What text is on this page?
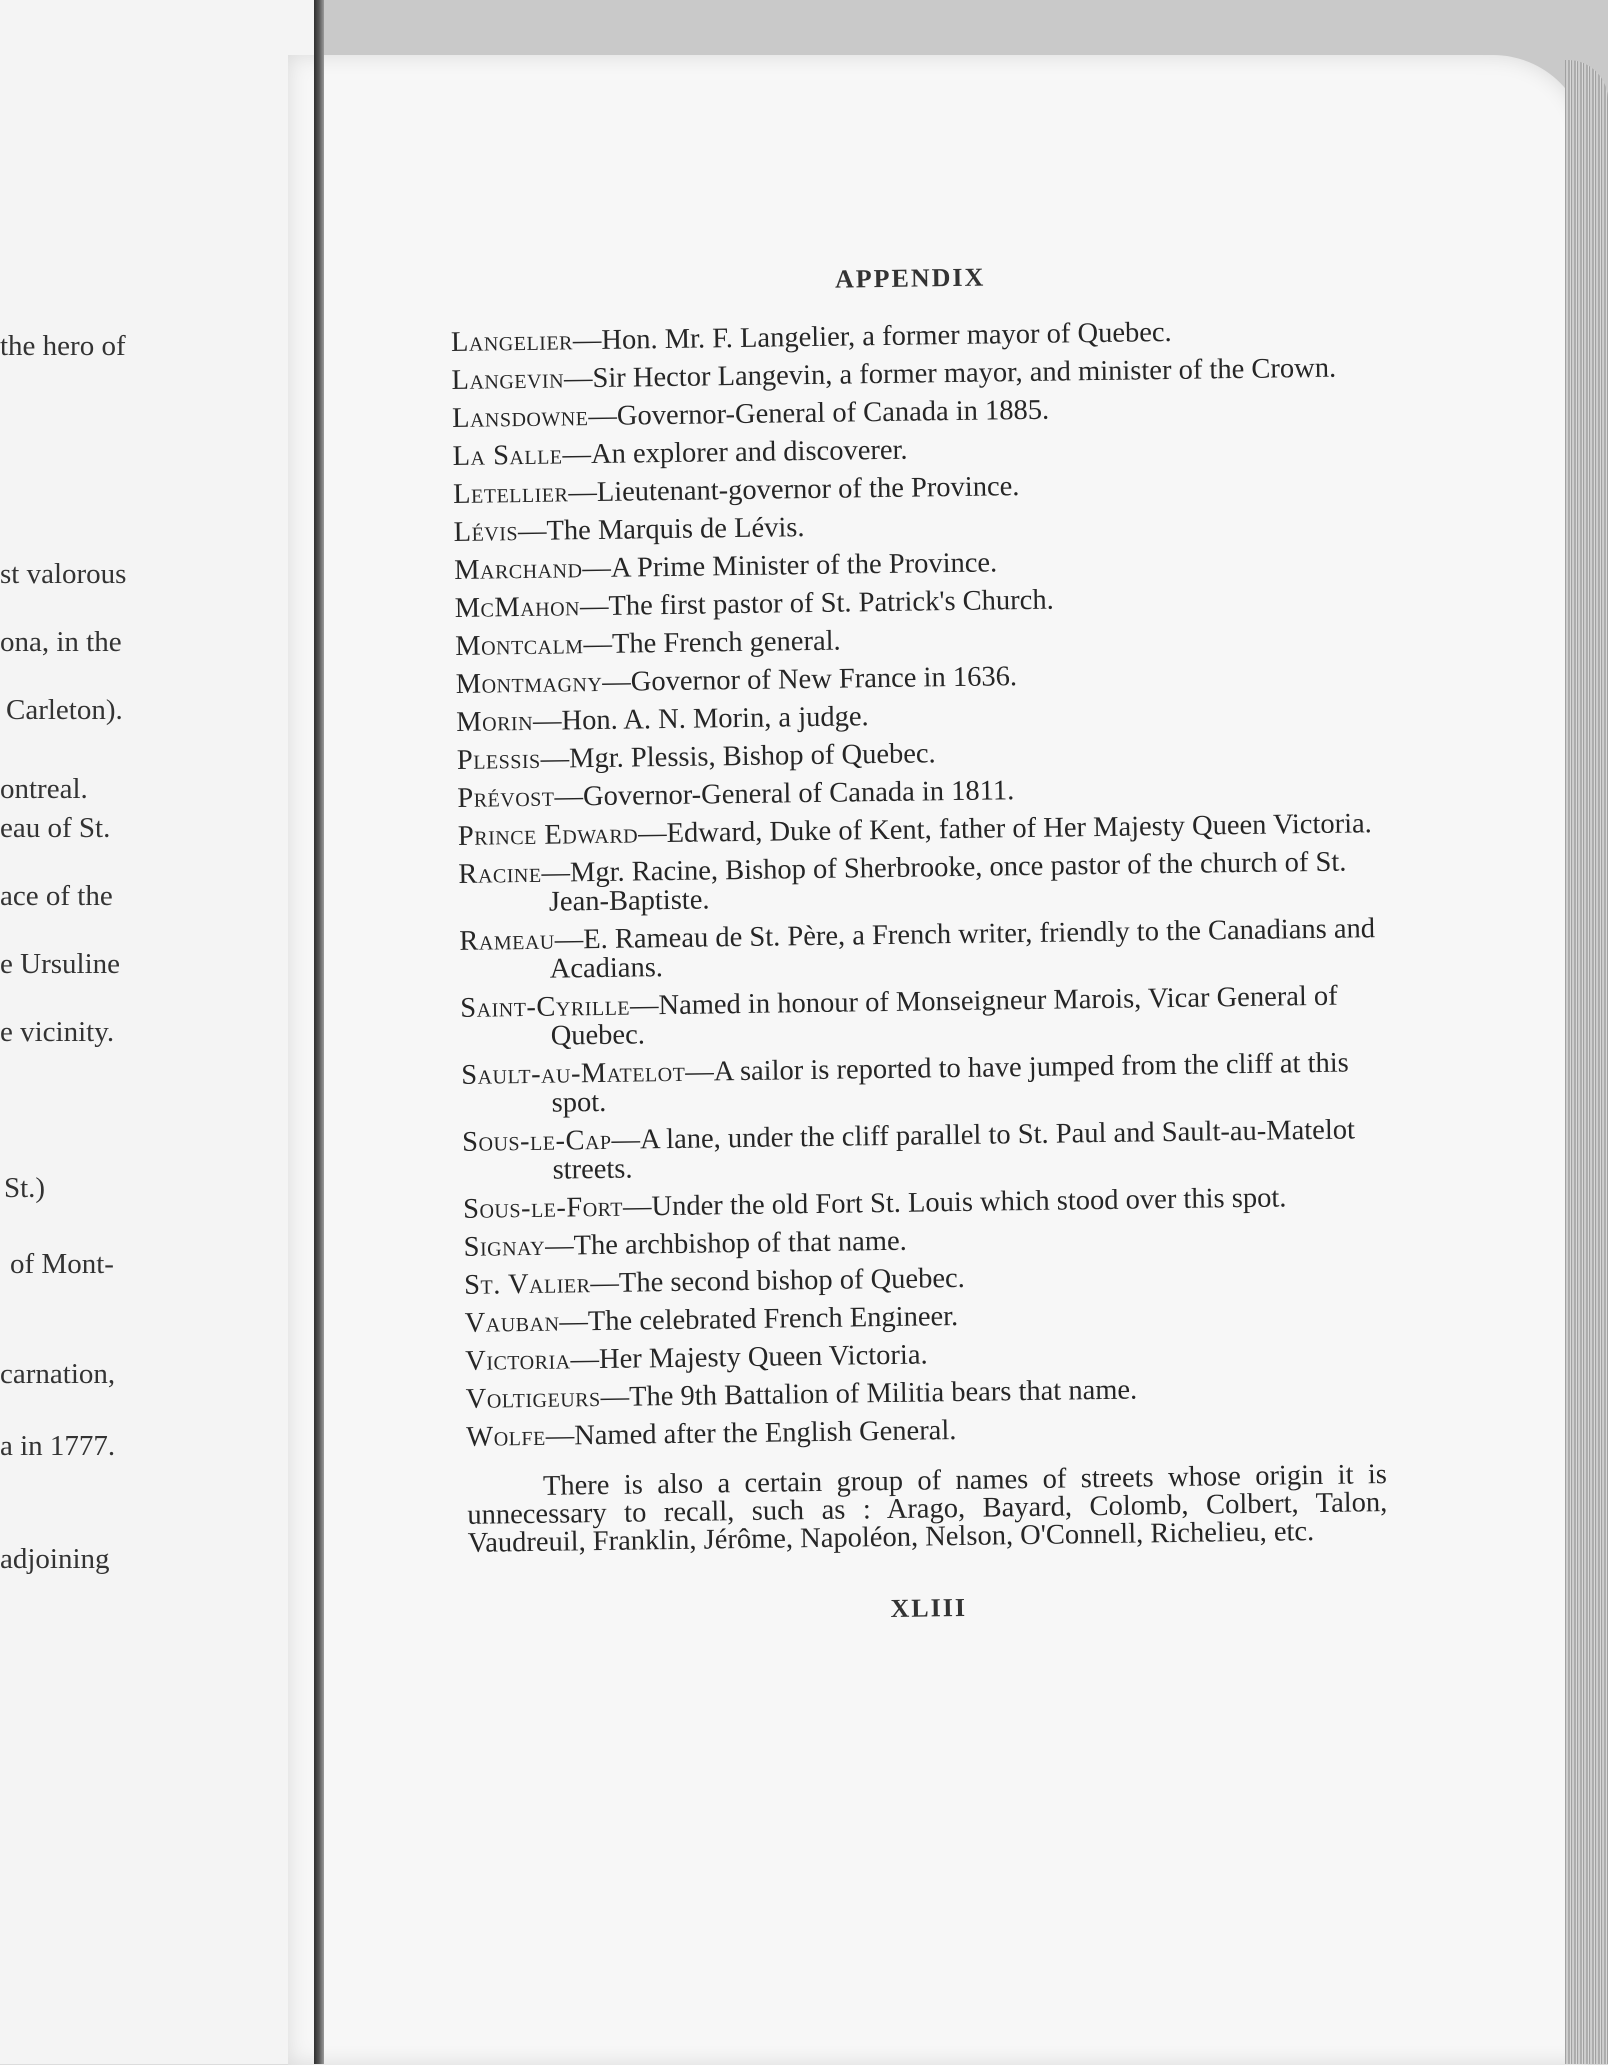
the hero of
st valorous
ona, in the
Carleton).
ontreal.
eau of St.
ace of the
e Ursuline
e vicinity.
St.)
of Mont-
carnation,
a in 1777.
adjoining
APPENDIX
Langelier—Hon. Mr. F. Langelier, a former mayor of Quebec.
Langevin—Sir Hector Langevin, a former mayor, and minister of the Crown.
Lansdowne—Governor-General of Canada in 1885.
La Salle—An explorer and discoverer.
Letellier—Lieutenant-governor of the Province.
Lévis—The Marquis de Lévis.
Marchand—A Prime Minister of the Province.
McMahon—The first pastor of St. Patrick's Church.
Montcalm—The French general.
Montmagny—Governor of New France in 1636.
Morin—Hon. A. N. Morin, a judge.
Plessis—Mgr. Plessis, Bishop of Quebec.
Prévost—Governor-General of Canada in 1811.
Prince Edward—Edward, Duke of Kent, father of Her Majesty Queen Victoria.
Racine—Mgr. Racine, Bishop of Sherbrooke, once pastor of the church of St. Jean-Baptiste.
Rameau—E. Rameau de St. Père, a French writer, friendly to the Canadians and Acadians.
Saint-Cyrille—Named in honour of Monseigneur Marois, Vicar General of Quebec.
Sault-au-Matelot—A sailor is reported to have jumped from the cliff at this spot.
Sous-le-Cap—A lane, under the cliff parallel to St. Paul and Sault-au-Matelot streets.
Sous-le-Fort—Under the old Fort St. Louis which stood over this spot.
Signay—The archbishop of that name.
St. Valier—The second bishop of Quebec.
Vauban—The celebrated French Engineer.
Victoria—Her Majesty Queen Victoria.
Voltigeurs—The 9th Battalion of Militia bears that name.
Wolfe—Named after the English General.
There is also a certain group of names of streets whose origin it is unnecessary to recall, such as : Arago, Bayard, Colomb, Colbert, Talon, Vaudreuil, Franklin, Jérôme, Napoléon, Nelson, O'Connell, Richelieu, etc.
XLIII
